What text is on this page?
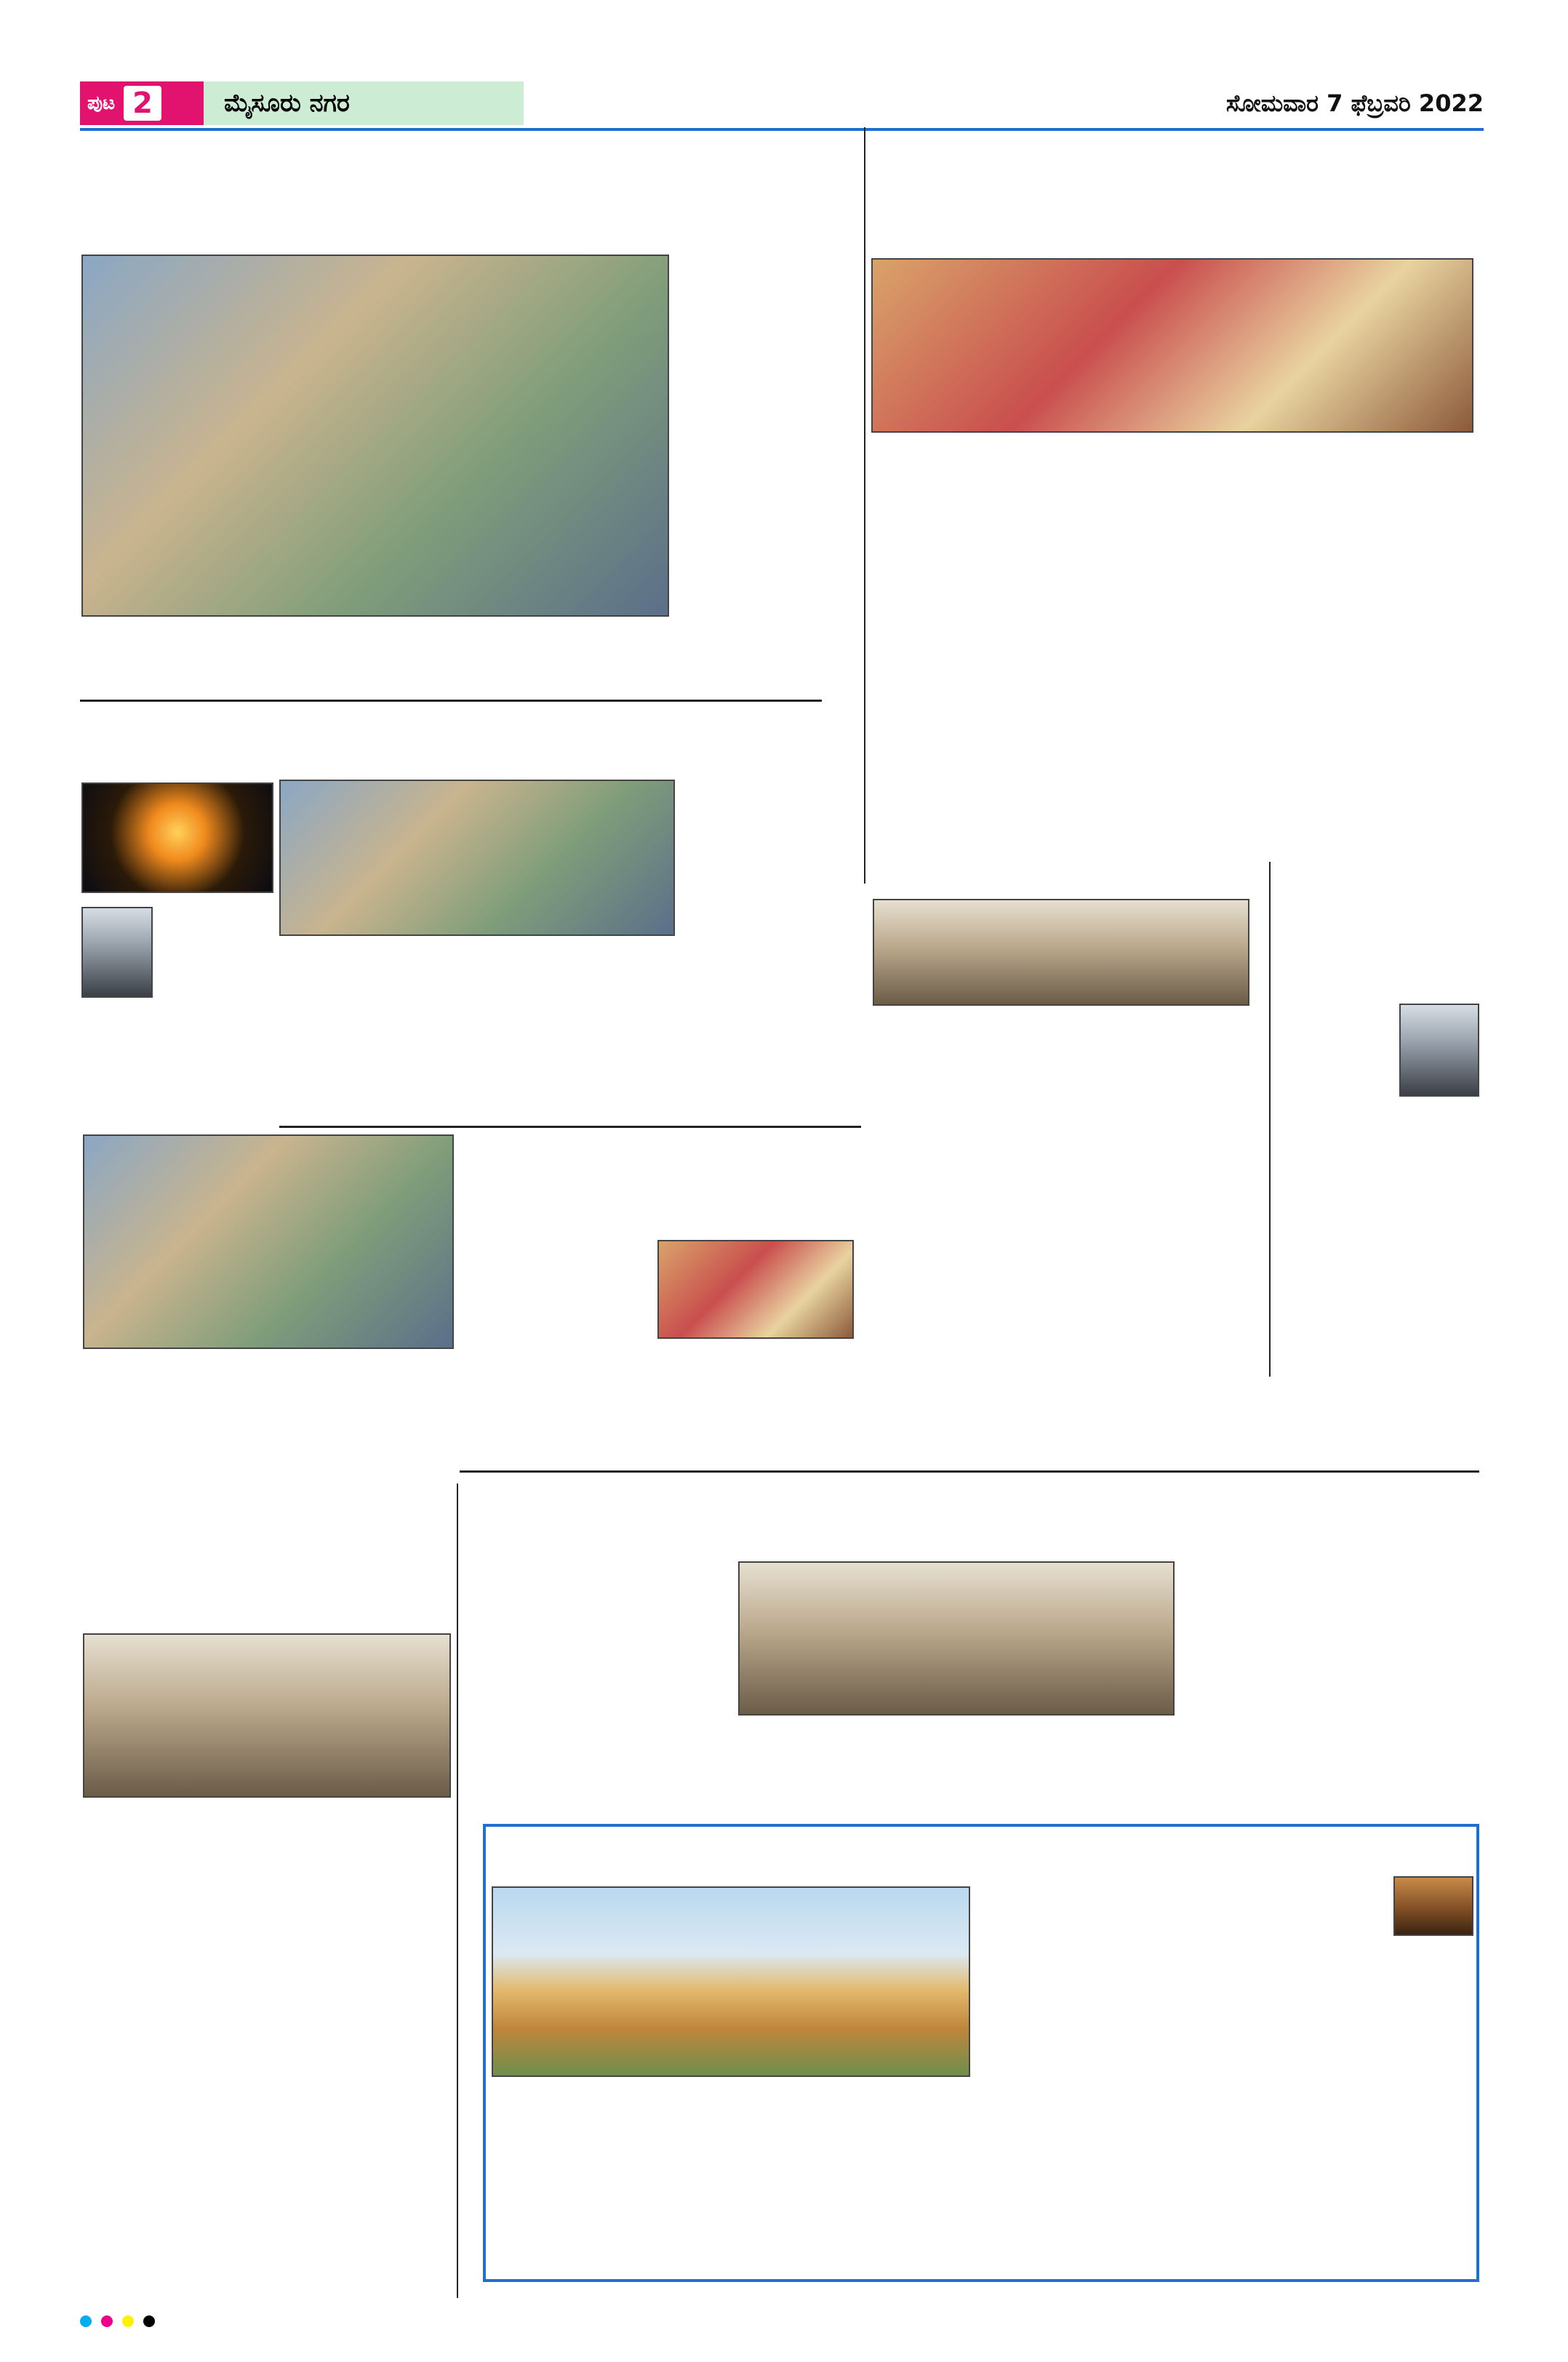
ಪುಟ 2	ಮೈಸೂರು ನಗರ	ಸೋಮವಾರ 7 ಫೆಬ್ರವರಿ 2022
